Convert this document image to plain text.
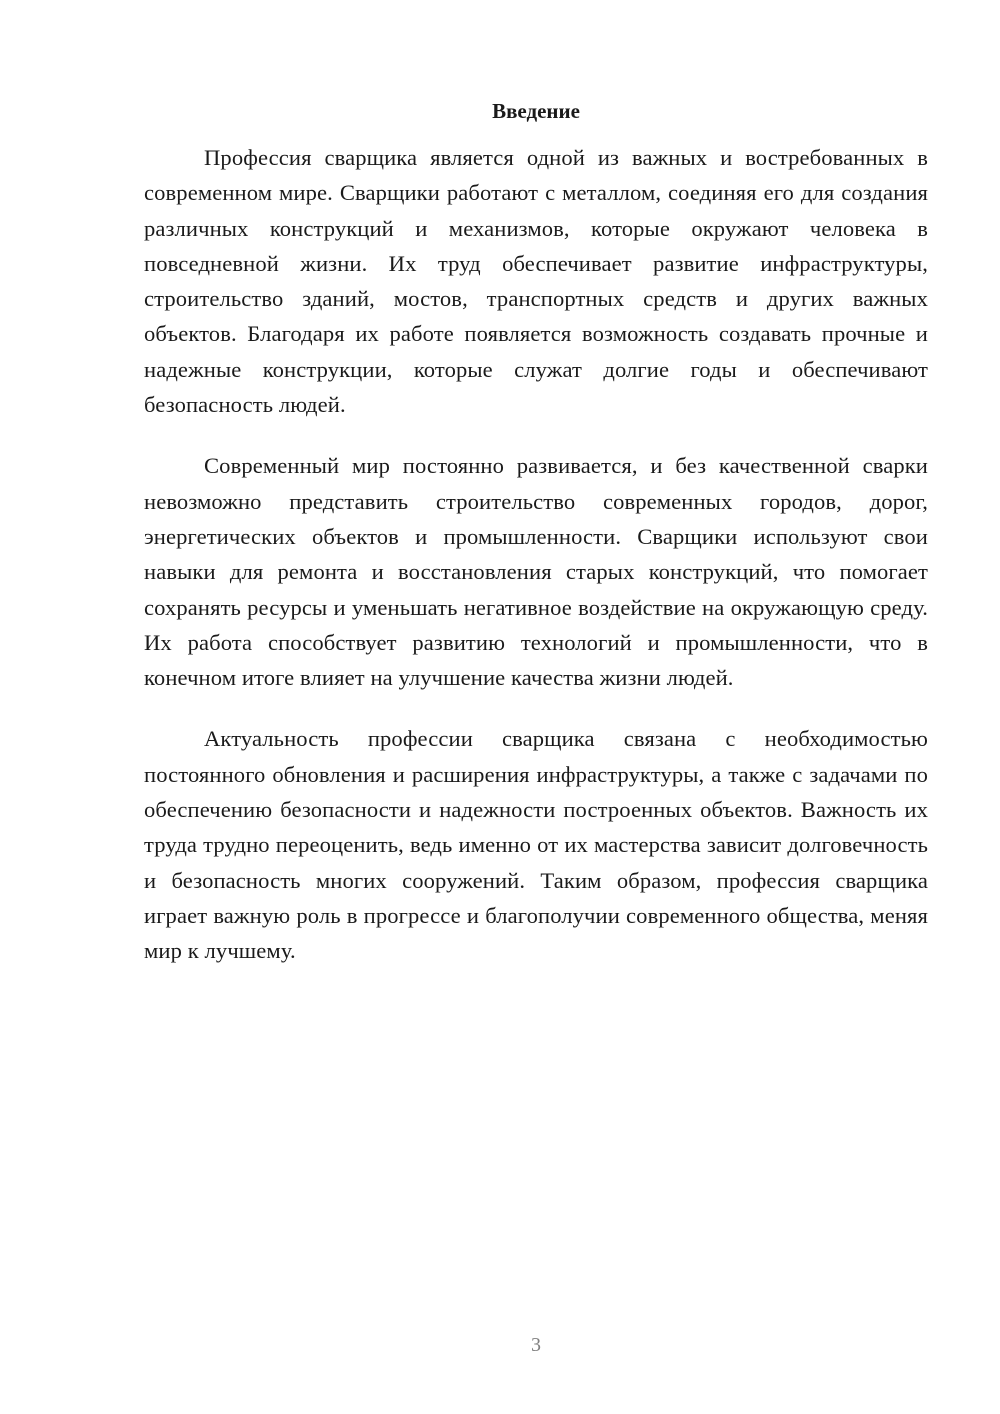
Введение

Профессия сварщика является одной из важных и востребованных в современном мире. Сварщики работают с металлом, соединяя его для создания различных конструкций и механизмов, которые окружают человека в повседневной жизни. Их труд обеспечивает развитие инфраструктуры, строительство зданий, мостов, транспортных средств и других важных объектов. Благодаря их работе появляется возможность создавать прочные и надежные конструкции, которые служат долгие годы и обеспечивают безопасность людей.

Современный мир постоянно развивается, и без качественной сварки невозможно представить строительство современных городов, дорог, энергетических объектов и промышленности. Сварщики используют свои навыки для ремонта и восстановления старых конструкций, что помогает сохранять ресурсы и уменьшать негативное воздействие на окружающую среду. Их работа способствует развитию технологий и промышленности, что в конечном итоге влияет на улучшение качества жизни людей.

Актуальность профессии сварщика связана с необходимостью постоянного обновления и расширения инфраструктуры, а также с задачами по обеспечению безопасности и надежности построенных объектов. Важность их труда трудно переоценить, ведь именно от их мастерства зависит долговечность и безопасность многих сооружений. Таким образом, профессия сварщика играет важную роль в прогрессе и благополучии современного общества, меняя мир к лучшему.

3
